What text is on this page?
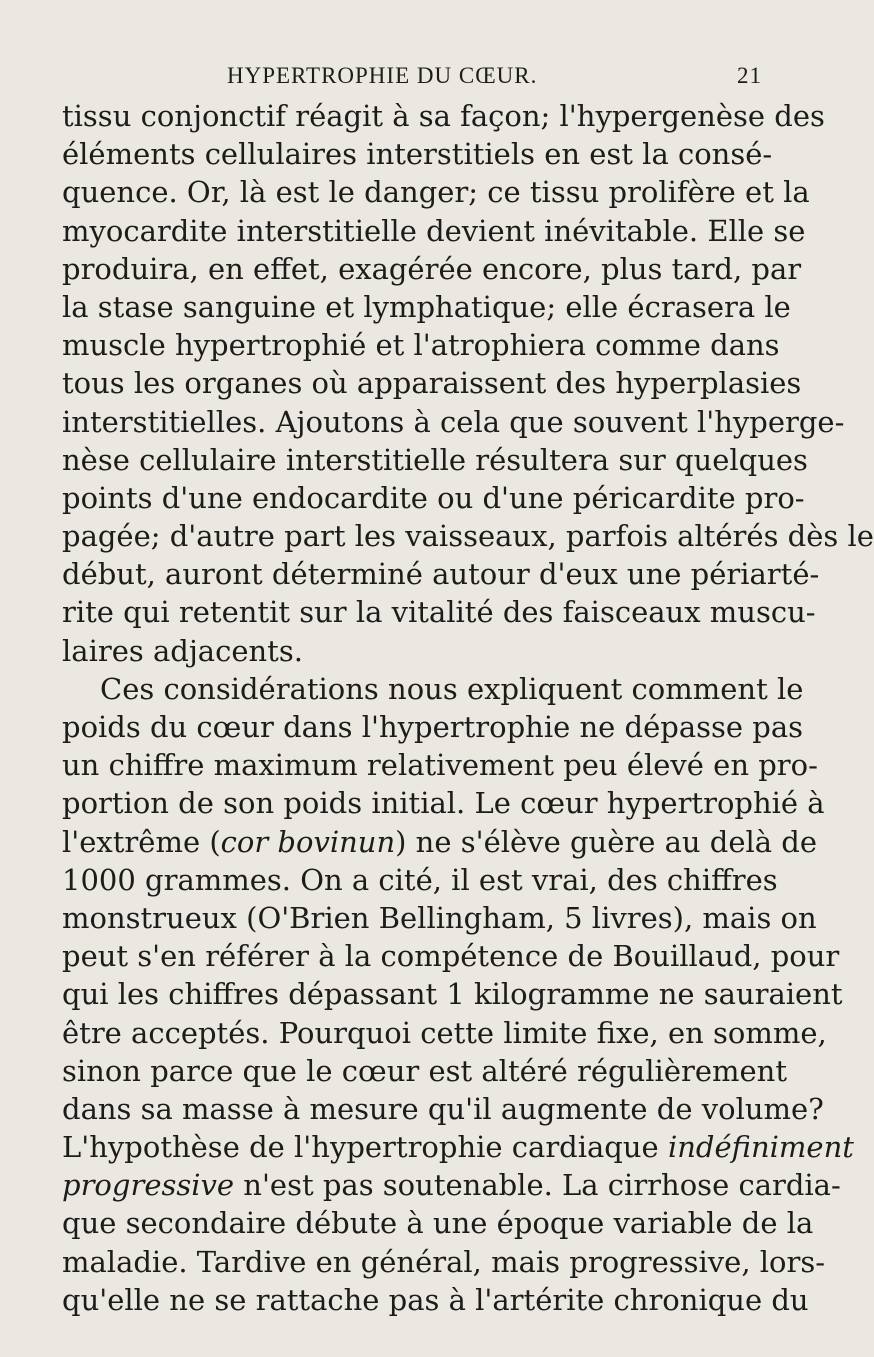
HYPERTROPHIE DU CŒUR.	21
tissu conjonctif réagit à sa façon; l'hypergenèse des
éléments cellulaires interstitiels en est la consé-
quence. Or, là est le danger; ce tissu prolifère et la
myocardite interstitielle devient inévitable. Elle se
produira, en effet, exagérée encore, plus tard, par
la stase sanguine et lymphatique; elle écrasera le
muscle hypertrophié et l'atrophiera comme dans
tous les organes où apparaissent des hyperplasies
interstitielles. Ajoutons à cela que souvent l'hyperge-
nèse cellulaire interstitielle résultera sur quelques
points d'une endocardite ou d'une péricardite pro-
pagée; d'autre part les vaisseaux, parfois altérés dès le
début, auront déterminé autour d'eux une périarté-
rite qui retentit sur la vitalité des faisceaux muscu-
laires adjacents.
Ces considérations nous expliquent comment le
poids du cœur dans l'hypertrophie ne dépasse pas
un chiffre maximum relativement peu élevé en pro-
portion de son poids initial. Le cœur hypertrophié à
l'extrême (cor bovinun) ne s'élève guère au delà de
1000 grammes. On a cité, il est vrai, des chiffres
monstrueux (O'Brien Bellingham, 5 livres), mais on
peut s'en référer à la compétence de Bouillaud, pour
qui les chiffres dépassant 1 kilogramme ne sauraient
être acceptés. Pourquoi cette limite fixe, en somme,
sinon parce que le cœur est altéré régulièrement
dans sa masse à mesure qu'il augmente de volume?
L'hypothèse de l'hypertrophie cardiaque indéfiniment
progressive n'est pas soutenable. La cirrhose cardia-
que secondaire débute à une époque variable de la
maladie. Tardive en général, mais progressive, lors-
qu'elle ne se rattache pas à l'artérite chronique du
